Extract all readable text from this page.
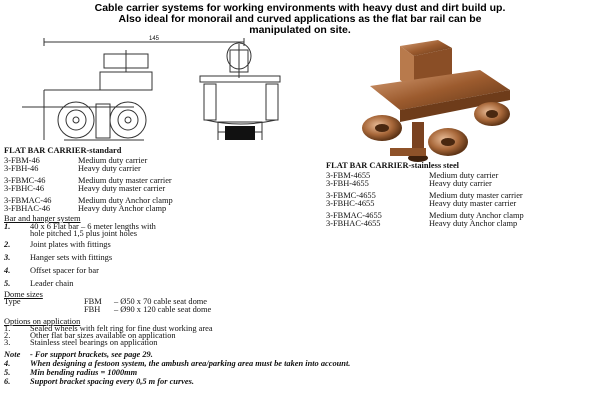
Cable carrier systems for working environments with heavy dust and dirt build up.
Also ideal for monorail and curved applications as the flat bar rail can be
manipulated on site.
145
FLAT BAR CARRIER-standard
3-FBM-46	Medium duty carrier
3-FBH-46	Heavy duty carrier
3-FBMC-46	Medium duty master carrier
3-FBHC-46	Heavy duty master carrier
3-FBMAC-46	Medium duty Anchor clamp
3-FBHAC-46	Heavy duty Anchor clamp
FLAT BAR CARRIER-stainless steel
3-FBM-4655	Medium duty carrier
3-FBH-4655	Heavy duty carrier
3-FBMC-4655	Medium duty master carrier
3-FBHC-4655	Heavy duty master carrier
3-FBMAC-4655	Medium duty Anchor clamp
3-FBHAC-4655	Heavy duty Anchor clamp
Bar and hanger system
1. 40 x 6 Flat bar – 6 meter lengths with
hole pitched 1,5 plus joint holes
2. Joint plates with fittings
3. Hanger sets with fittings
4. Offset spacer for bar
5. Leader chain
Dome sizes
Type	FBM – Ø50 x 70 cable seat dome
FBH – Ø90 x 120 cable seat dome
Options on application
1. Sealed wheels with felt ring for fine dust working area
2. Other flat bar sizes available on application
3. Stainless steel bearings on application
Note - For support brackets, see page 29.
4. When designing a festoon system, the ambush area/parking area must be taken into account.
5. Min bending radius = 1000mm
6. Support bracket spacing every 0,5 m for curves.
